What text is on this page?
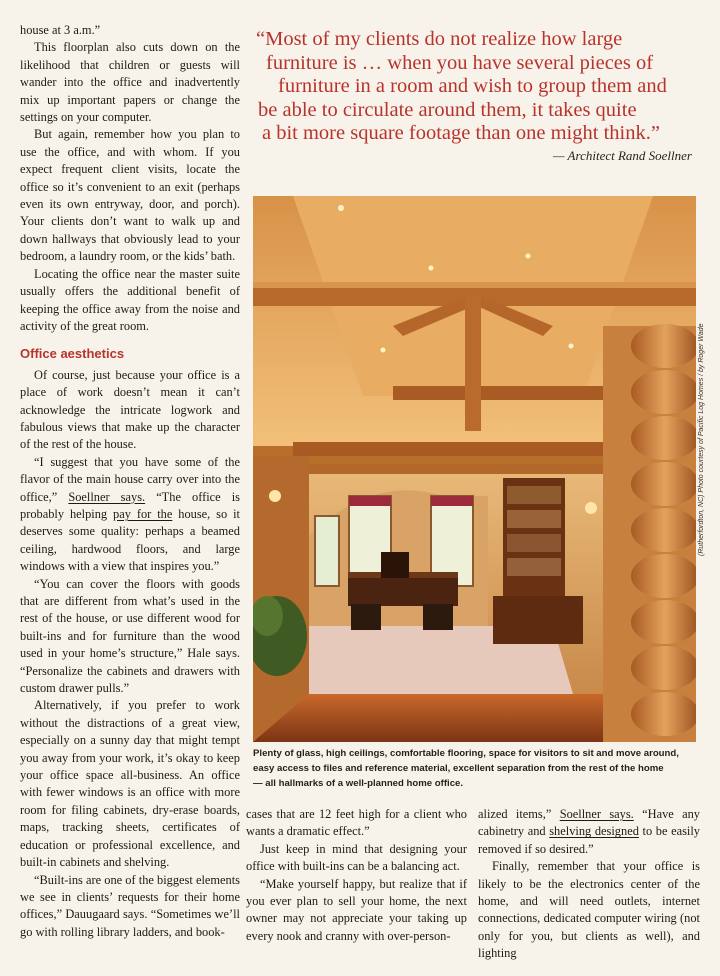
house at 3 a.m.”

This floorplan also cuts down on the likelihood that children or guests will wander into the office and inadvertently mix up important papers or change the settings on your computer.

But again, remember how you plan to use the office, and with whom. If you expect frequent client visits, locate the office so it’s convenient to an exit (perhaps even its own entryway, door, and porch). Your clients don’t want to walk up and down hallways that obviously lead to your bedroom, a laundry room, or the kids’ bath.

Locating the office near the master suite usually offers the additional benefit of keeping the office away from the noise and activity of the great room.

Office aesthetics

Of course, just because your office is a place of work doesn’t mean it can’t acknowledge the intricate logwork and fabulous views that make up the character of the rest of the house.

“I suggest that you have some of the flavor of the main house carry over into the office,” Soellner says. “The office is probably helping pay for the house, so it deserves some quality: perhaps a beamed ceiling, hardwood floors, and large windows with a view that inspires you.”

“You can cover the floors with goods that are different from what’s used in the rest of the house, or use different wood for built-ins and for furniture than the wood used in your home’s structure,” Hale says. “Personalize the cabinets and drawers with custom drawer pulls.”

Alternatively, if you prefer to work without the distractions of a great view, especially on a sunny day that might tempt you away from your work, it’s okay to keep your office space all-business. An office with fewer windows is an office with more room for filing cabinets, dry-erase boards, maps, tracking sheets, certificates of education or professional excellence, and built-in cabinets and shelving.

“Built-ins are one of the biggest elements we see in clients’ requests for their home offices,” Dauugaard says. “Sometimes we’ll go with rolling library ladders, and book-

“Most of my clients do not realize how large
furniture is … when you have several pieces of
furniture in a room and wish to group them and
be able to circulate around them, it takes quite
a bit more square footage than one might think.”
— Architect Rand Soellner
(Rutherfordton, NC) Photo courtesy of Pacific Log Homes / by Roger Wade
Plenty of glass, high ceilings, comfortable flooring, space for visitors to sit and move around,
easy access to files and reference material, excellent separation from the rest of the home
— all hallmarks of a well-planned home office.

cases that are 12 feet high for a client who wants a dramatic effect.”

Just keep in mind that designing your office with built-ins can be a balancing act.

“Make yourself happy, but realize that if you ever plan to sell your home, the next owner may not appreciate your taking up every nook and cranny with over-person-

alized items,” Soellner says. “Have any cabinetry and shelving designed to be easily removed if so desired.”

Finally, remember that your office is likely to be the electronics center of the home, and will need outlets, internet connections, dedicated computer wiring (not only for you, but clients as well), and lighting
